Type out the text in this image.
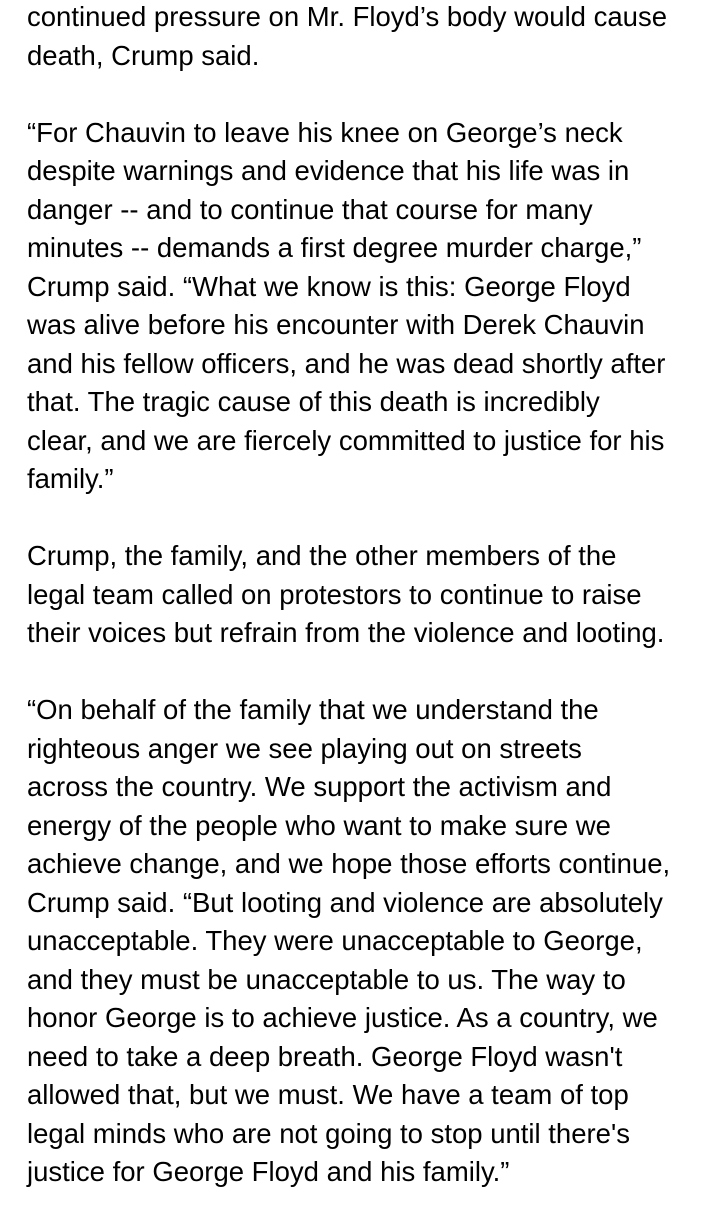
continued pressure on Mr. Floyd’s body would cause
death, Crump said.

“For Chauvin to leave his knee on George’s neck
despite warnings and evidence that his life was in
danger -- and to continue that course for many
minutes -- demands a first degree murder charge,”
Crump said. “What we know is this: George Floyd
was alive before his encounter with Derek Chauvin
and his fellow officers, and he was dead shortly after
that. The tragic cause of this death is incredibly
clear, and we are fiercely committed to justice for his
family.”

Crump, the family, and the other members of the
legal team called on protestors to continue to raise
their voices but refrain from the violence and looting.

“On behalf of the family that we understand the
righteous anger we see playing out on streets
across the country. We support the activism and
energy of the people who want to make sure we
achieve change, and we hope those efforts continue,
Crump said. “But looting and violence are absolutely
unacceptable. They were unacceptable to George,
and they must be unacceptable to us. The way to
honor George is to achieve justice. As a country, we
need to take a deep breath. George Floyd wasn't
allowed that, but we must. We have a team of top
legal minds who are not going to stop until there's
justice for George Floyd and his family.”
